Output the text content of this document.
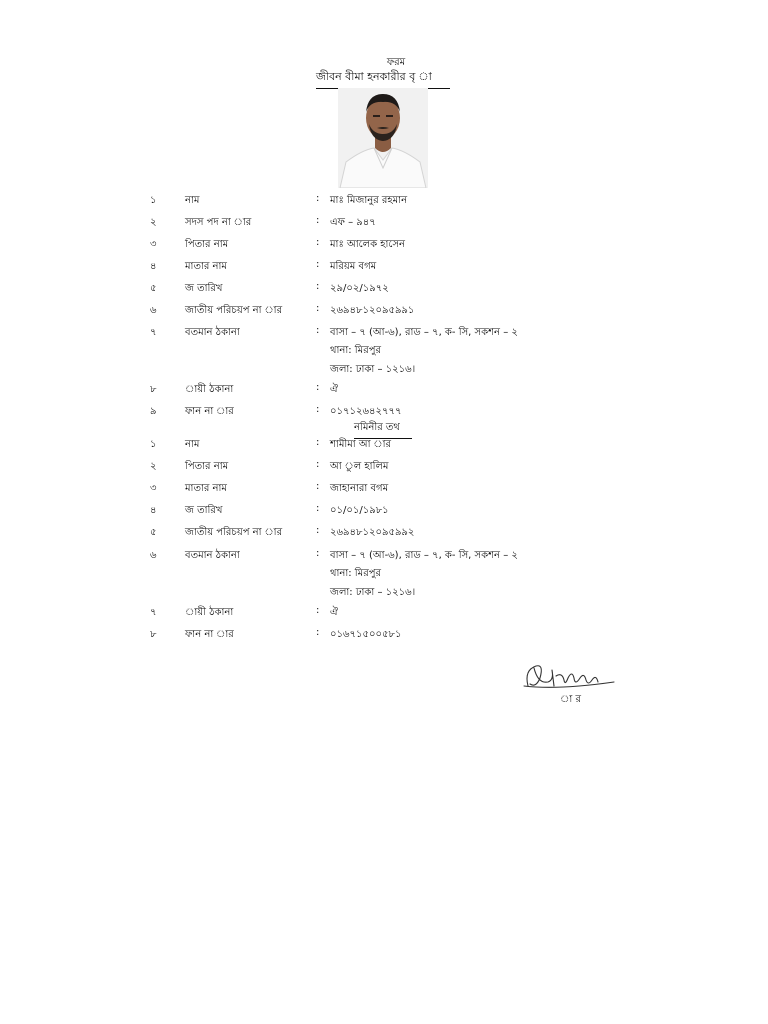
ফরম
জীবন বীমা হনকারীর বৃ া
১	নাম	: মাঃ মিজানুর রহমান
২	সদস পদ না ার	: এফ – ৯৪৭
৩	পিতার নাম	: মাঃ আলেক হাসেন
৪	মাতার নাম	: মরিয়ম বগম
৫	জ তারিখ	: ২৯/০২/১৯৭২
৬	জাতীয় পরিচয়প না ার	: ২৬৯৪৮১২০৯৫৯৯১
৭	বতমান ঠকানা	: বাসা – ৭ (আ-৬), রাড – ৭, ক- সি, সকশন – ২
থানা: মিরপুর
জলা: ঢাকা – ১২১৬।
৮	ায়ী ঠকানা	: ঐ
৯	ফান না ার	: ০১৭১২৬৪২৭৭৭
নমিনীর তথ
১	নাম	: শামীমা আ ার
২	পিতার নাম	: আ ুল হালিম
৩	মাতার নাম	: জাহানারা বগম
৪	জ তারিখ	: ০১/০১/১৯৮১
৫	জাতীয় পরিচয়প না ার	: ২৬৯৪৮১২০৯৫৯৯২
৬	বতমান ঠকানা	: বাসা – ৭ (আ-৬), রাড – ৭, ক- সি, সকশন – ২
থানা: মিরপুর
জলা: ঢাকা – ১২১৬।
৭	ায়ী ঠকানা	: ঐ
৮	ফান না ার	: ০১৬৭১৫০০৫৮১
া র
